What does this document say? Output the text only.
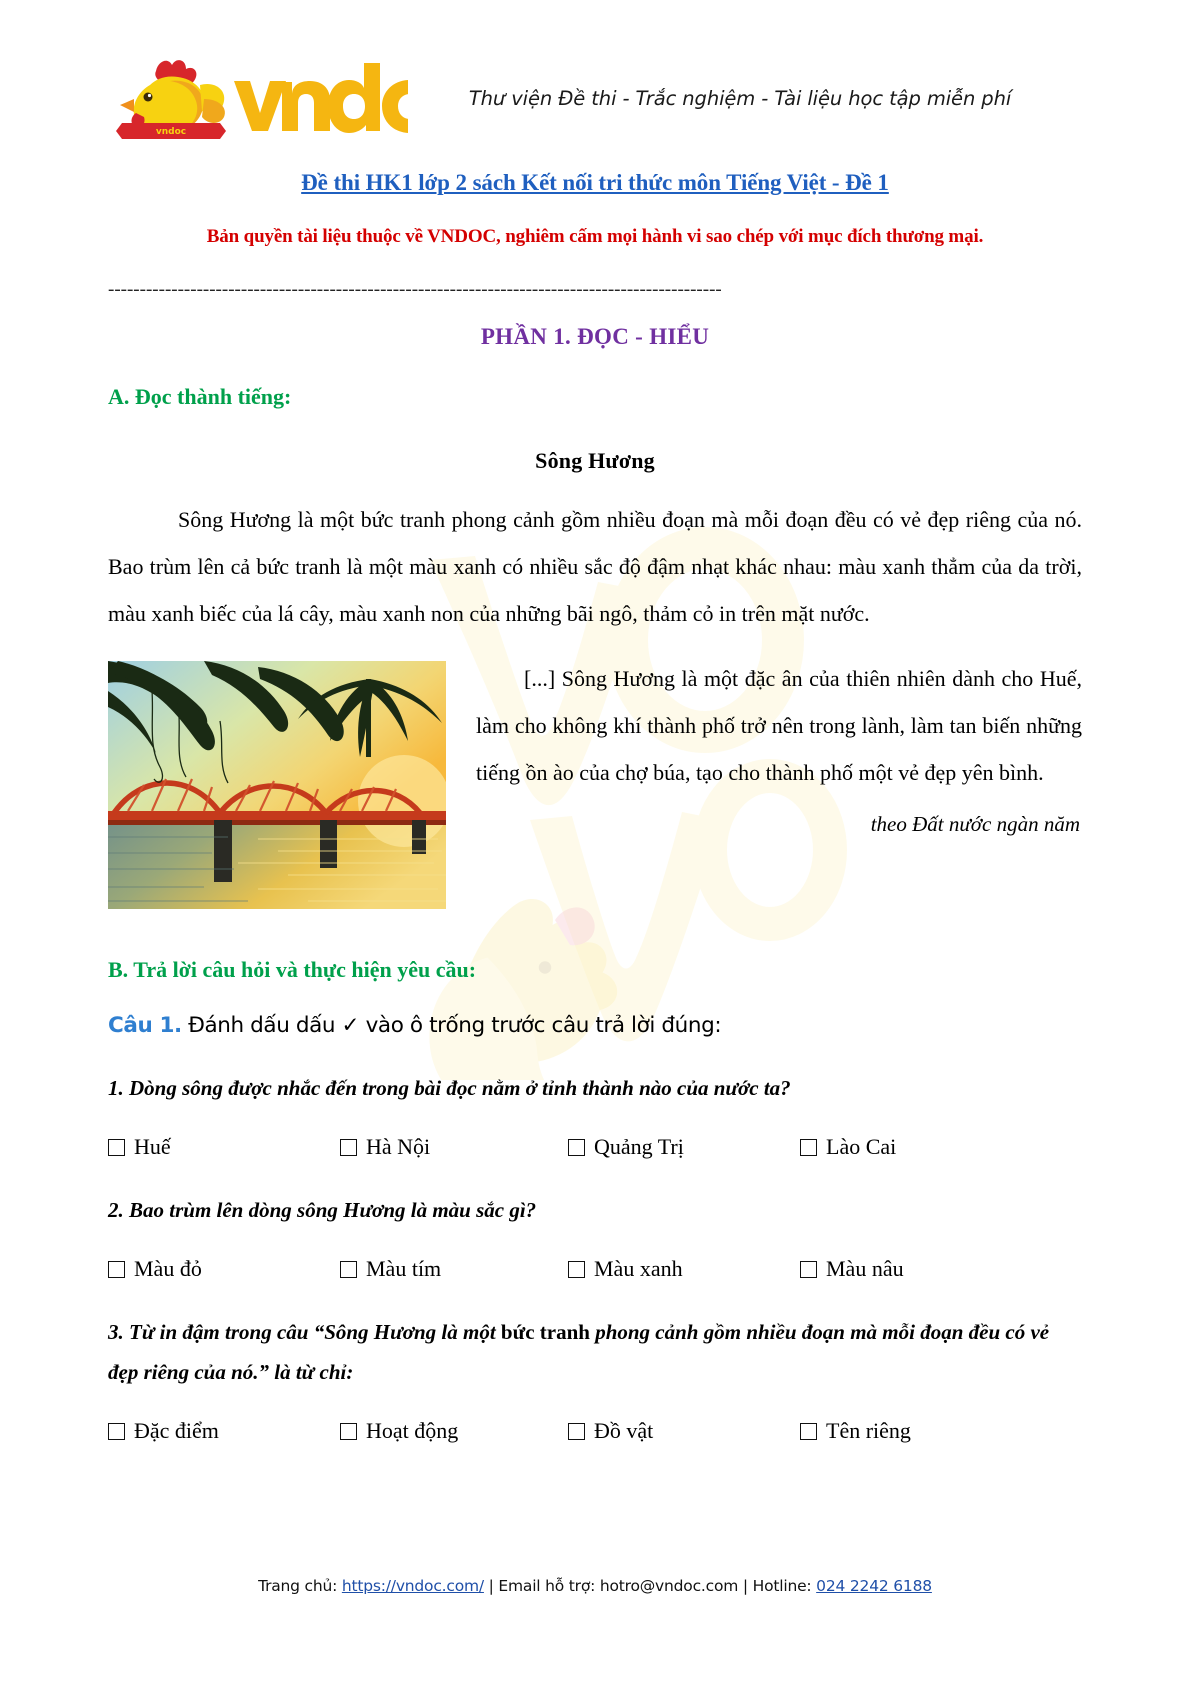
vndoc
Thư viện Đề thi - Trắc nghiệm - Tài liệu học tập miễn phí
Đề thi HK1 lớp 2 sách Kết nối tri thức môn Tiếng Việt - Đề 1
Bản quyền tài liệu thuộc về VNDOC, nghiêm cấm mọi hành vi sao chép với mục đích thương mại.
-------------------------------------------------------------------------------------------------
PHẦN 1. ĐỌC - HIỂU
A. Đọc thành tiếng:
Sông Hương
Sông Hương là một bức tranh phong cảnh gồm nhiều đoạn mà mỗi đoạn đều có vẻ đẹp riêng của nó. Bao trùm lên cả bức tranh là một màu xanh có nhiều sắc độ đậm nhạt khác nhau: màu xanh thẳm của da trời, màu xanh biếc của lá cây, màu xanh non của những bãi ngô, thảm cỏ in trên mặt nước.
[...] Sông Hương là một đặc ân của thiên nhiên dành cho Huế, làm cho không khí thành phố trở nên trong lành, làm tan biến những tiếng ồn ào của chợ búa, tạo cho thành phố một vẻ đẹp yên bình.
theo Đất nước ngàn năm
B. Trả lời câu hỏi và thực hiện yêu cầu:
Câu 1. Đánh dấu dấu ✓ vào ô trống trước câu trả lời đúng:
1. Dòng sông được nhắc đến trong bài đọc nằm ở tỉnh thành nào của nước ta?
Huế	Hà Nội	Quảng Trị	Lào Cai
2. Bao trùm lên dòng sông Hương là màu sắc gì?
Màu đỏ	Màu tím	Màu xanh	Màu nâu
3. Từ in đậm trong câu “Sông Hương là một bức tranh phong cảnh gồm nhiều đoạn mà mỗi đoạn đều có vẻ đẹp riêng của nó.” là từ chỉ:
Đặc điểm	Hoạt động	Đồ vật	Tên riêng
Trang chủ: https://vndoc.com/ | Email hỗ trợ: hotro@vndoc.com | Hotline: 024 2242 6188
